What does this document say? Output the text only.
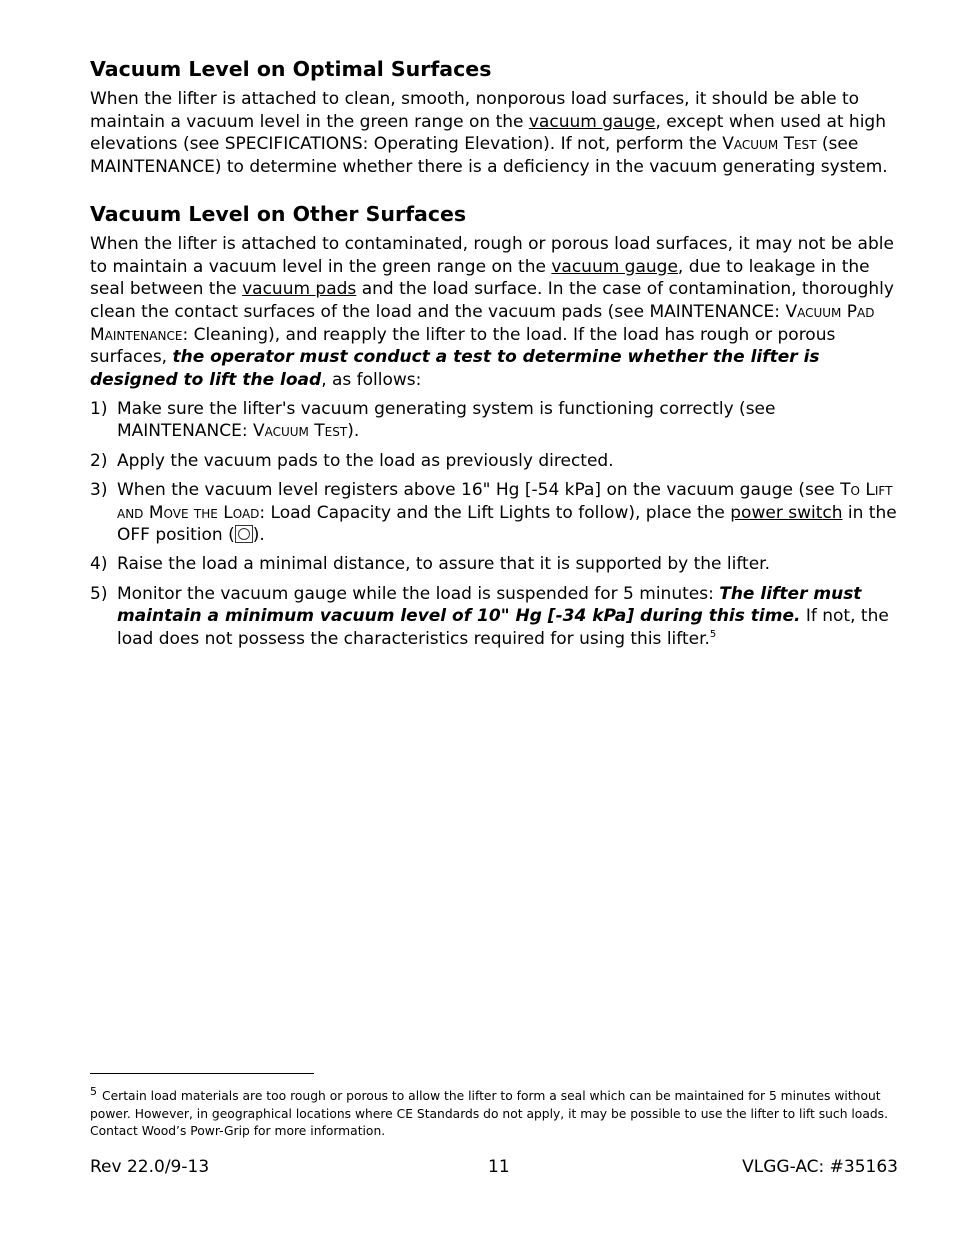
Vacuum Level on Optimal Surfaces

When the lifter is attached to clean, smooth, nonporous load surfaces, it should be able to maintain a vacuum level in the green range on the vacuum gauge, except when used at high elevations (see SPECIFICATIONS: Operating Elevation). If not, perform the Vacuum Test (see MAINTENANCE) to determine whether there is a deficiency in the vacuum generating system.

Vacuum Level on Other Surfaces

When the lifter is attached to contaminated, rough or porous load surfaces, it may not be able to maintain a vacuum level in the green range on the vacuum gauge, due to leakage in the seal between the vacuum pads and the load surface. In the case of contamination, thoroughly clean the contact surfaces of the load and the vacuum pads (see MAINTENANCE: Vacuum Pad Maintenance: Cleaning), and reapply the lifter to the load. If the load has rough or porous surfaces, the operator must conduct a test to determine whether the lifter is designed to lift the load, as follows:

1) Make sure the lifter's vacuum generating system is functioning correctly (see MAINTENANCE: Vacuum Test).
2) Apply the vacuum pads to the load as previously directed.
3) When the vacuum level registers above 16" Hg [-54 kPa] on the vacuum gauge (see To Lift and Move the Load: Load Capacity and the Lift Lights to follow), place the power switch in the OFF position ( ).
4) Raise the load a minimal distance, to assure that it is supported by the lifter.
5) Monitor the vacuum gauge while the load is suspended for 5 minutes: The lifter must maintain a minimum vacuum level of 10" Hg [-34 kPa] during this time. If not, the load does not possess the characteristics required for using this lifter.$^5$
5 Certain load materials are too rough or porous to allow the lifter to form a seal which can be maintained for 5 minutes without power. However, in geographical locations where CE Standards do not apply, it may be possible to use the lifter to lift such loads. Contact Wood’s Powr-Grip for more information.
Rev 22.0/9-13	11	VLGG-AC: #35163
